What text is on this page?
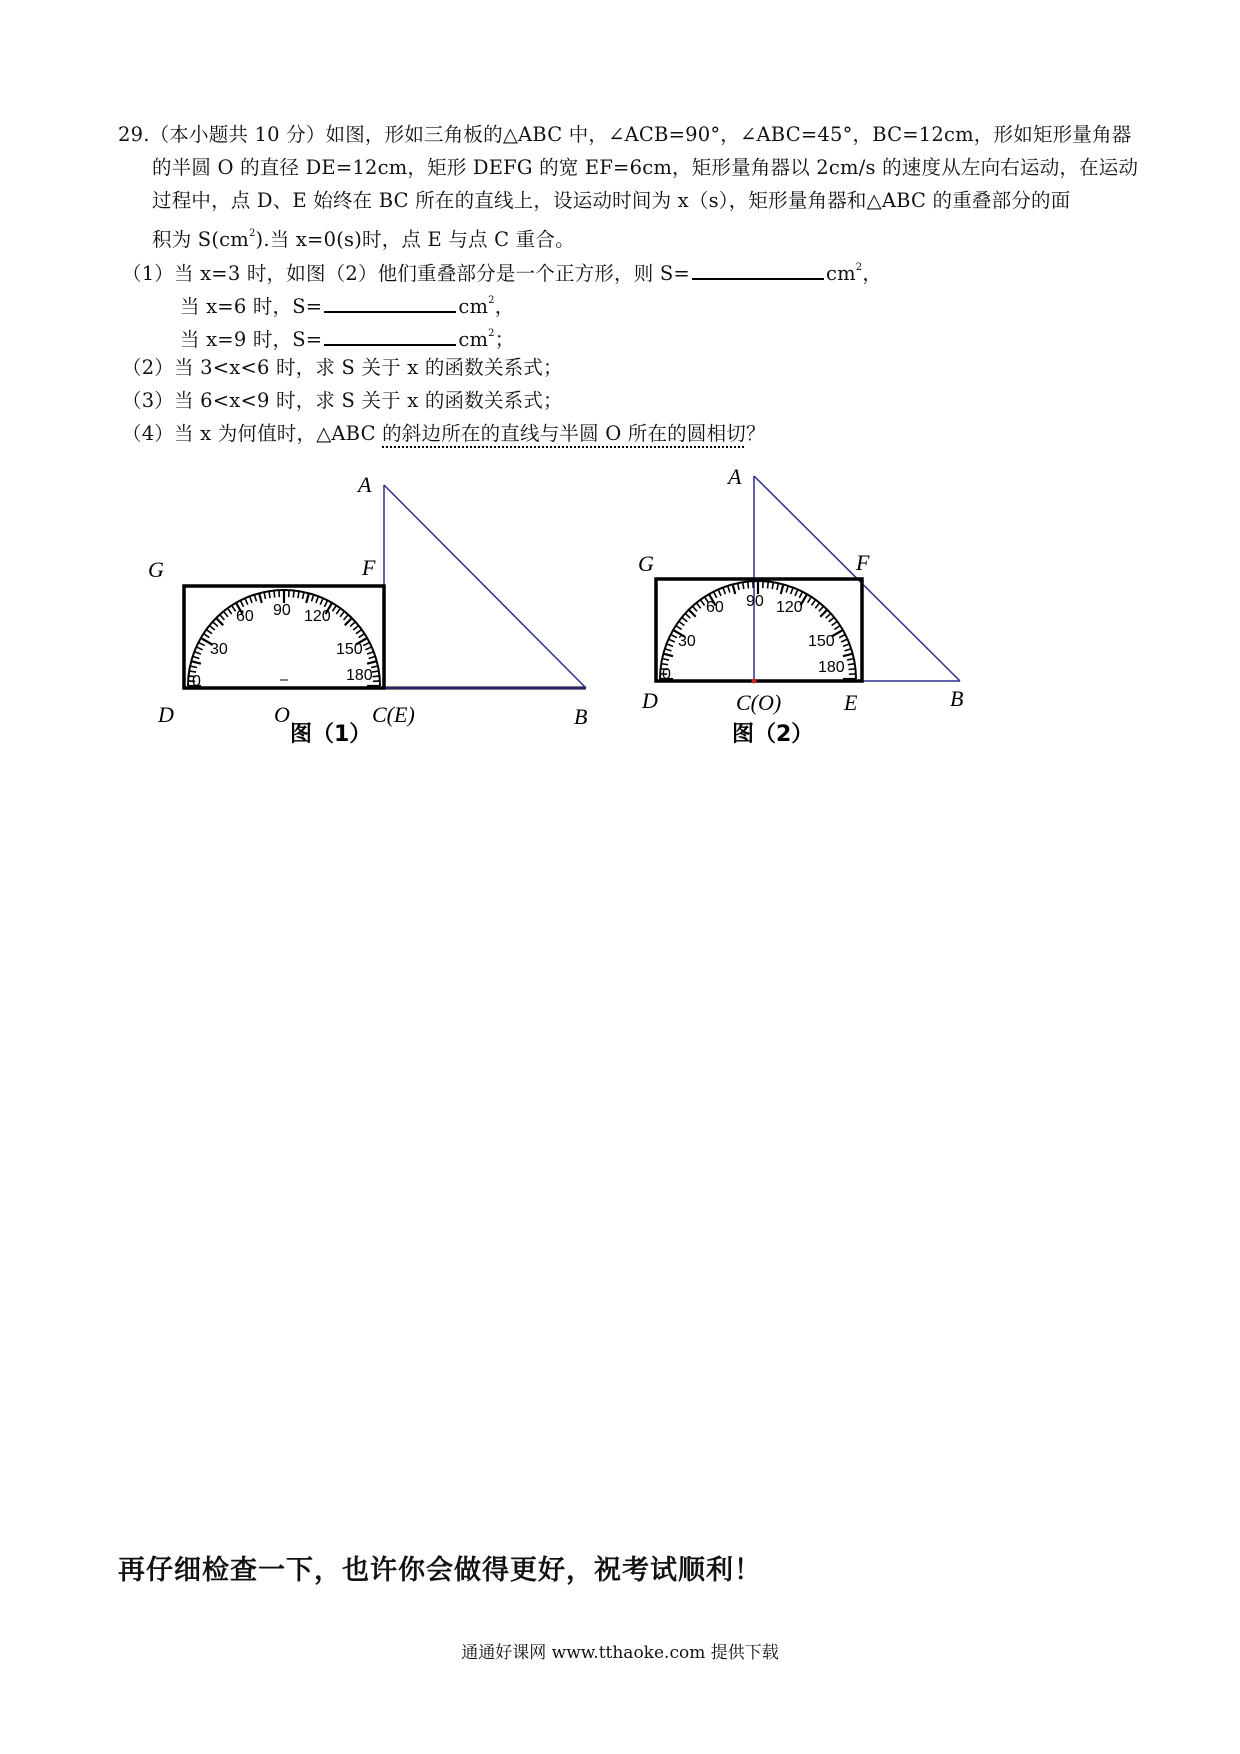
29.（本小题共 10 分）如图，形如三角板的△ABC 中，∠ACB=90°，∠ABC=45°，BC=12cm，形如矩形量角器
的半圆 O 的直径 DE=12cm，矩形 DEFG 的宽 EF=6cm，矩形量角器以 2cm/s 的速度从左向右运动，在运动
过程中，点 D、E 始终在 BC 所在的直线上，设运动时间为 x（s），矩形量角器和△ABC 的重叠部分的面
积为 $S(cm^2)$.当 x=0(s)时，点 E 与点 C 重合。
（1）当 x=3 时，如图（2）他们重叠部分是一个正方形，则 S=	$cm^2$，
当 x=6 时，S=	$cm^2$，
当 x=9 时，S=	$cm^2$；
（2）当 3<x<6 时，求 S 关于 x 的函数关系式；
（3）当 6<x<9 时，求 S 关于 x 的函数关系式；
（4）当 x 为何值时，△ABC 的斜边所在的直线与半圆 O 所在的圆相切？
0
30
60 90 120
150
180
A
F
G
D	O	C(E)	B
图（1）
0
30
60 90 120
150
180
A
F
G
D	C(O)	E	B
图（2）
再仔细检查一下，也许你会做得更好，祝考试顺利！
通通好课网 www.tthaoke.com 提供下载
